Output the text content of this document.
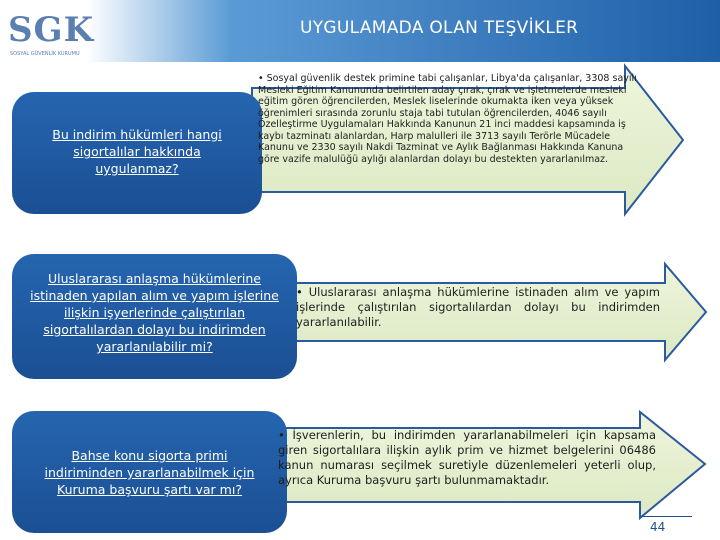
SGK
SOSYAL GÜVENLİK KURUMU
UYGULAMADA OLAN TEŞVİKLER
Bu indirim hükümleri hangi sigortalılar hakkında uygulanmaz?
Uluslararası anlaşma hükümlerine istinaden yapılan alım ve yapım işlerine ilişkin işyerlerinde çalıştırılan sigortalılardan dolayı bu indirimden yararlanılabilir mi?
Bahse konu sigorta primi indiriminden yararlanabilmek için Kuruma başvuru şartı var mı?
• Sosyal güvenlik destek primine tabi çalışanlar, Libya'da çalışanlar, 3308 sayılı Mesleki Eğitim Kanununda belirtilen aday çırak, çırak ve işletmelerde mesleki eğitim gören öğrencilerden, Meslek liselerinde okumakta iken veya yüksek öğrenimleri sırasında zorunlu staja tabi tutulan öğrencilerden, 4046 sayılı Özelleştirme Uygulamaları Hakkında Kanunun 21 inci maddesi kapsamında iş kaybı tazminatı alanlardan, Harp malulleri ile 3713 sayılı Terörle Mücadele Kanunu ve 2330 sayılı Nakdi Tazminat ve Aylık Bağlanması Hakkında Kanuna göre vazife malulüğü aylığı alanlardan dolayı bu destekten yararlanılmaz.
• Uluslararası anlaşma hükümlerine istinaden alım ve yapım işlerinde çalıştırılan sigortalılardan dolayı bu indirimden yararlanılabilir.
• İşverenlerin, bu indirimden yararlanabilmeleri için kapsama giren sigortalılara ilişkin aylık prim ve hizmet belgelerini 06486 kanun numarası seçilmek suretiyle düzenlemeleri yeterli olup, ayrıca Kuruma başvuru şartı bulunmamaktadır.
44
